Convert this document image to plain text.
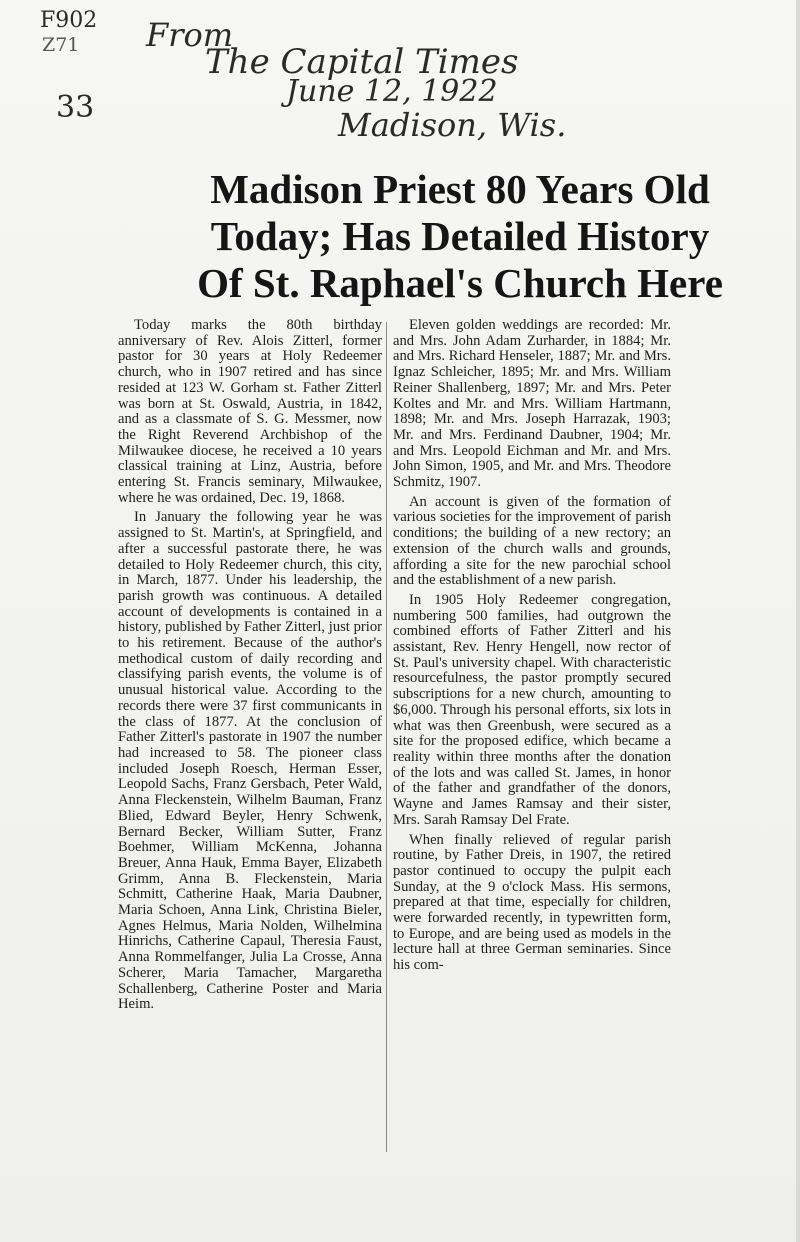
F902
Z71
33
From
The Capital Times
June 12, 1922
Madison, Wis.
Madison Priest 80 Years Old
Today; Has Detailed History
Of St. Raphael's Church Here

Today marks the 80th birthday anniversary of Rev. Alois Zitterl, former pastor for 30 years at Holy Redeemer church, who in 1907 retired and has since resided at 123 W. Gorham st. Father Zitterl was born at St. Oswald, Austria, in 1842, and as a classmate of S. G. Messmer, now the Right Reverend Archbishop of the Milwaukee diocese, he received a 10 years classical training at Linz, Austria, before entering St. Francis seminary, Milwaukee, where he was ordained, Dec. 19, 1868.

In January the following year he was assigned to St. Martin's, at Springfield, and after a successful pastorate there, he was detailed to Holy Redeemer church, this city, in March, 1877. Under his leadership, the parish growth was continuous. A detailed account of developments is contained in a history, published by Father Zitterl, just prior to his retirement. Because of the author's methodical custom of daily recording and classifying parish events, the volume is of unusual historical value. According to the records there were 37 first communicants in the class of 1877. At the conclusion of Father Zitterl's pastorate in 1907 the number had increased to 58. The pioneer class included Joseph Roesch, Herman Esser, Leopold Sachs, Franz Gersbach, Peter Wald, Anna Fleckenstein, Wilhelm Bauman, Franz Blied, Edward Beyler, Henry Schwenk, Bernard Becker, William Sutter, Franz Boehmer, William McKenna, Johanna Breuer, Anna Hauk, Emma Bayer, Elizabeth Grimm, Anna B. Fleckenstein, Maria Schmitt, Catherine Haak, Maria Daubner, Maria Schoen, Anna Link, Christina Bieler, Agnes Helmus, Maria Nolden, Wilhelmina Hinrichs, Catherine Capaul, Theresia Faust, Anna Rommelfanger, Julia La Crosse, Anna Scherer, Maria Tamacher, Margaretha Schallenberg, Catherine Poster and Maria Heim.

Eleven golden weddings are recorded: Mr. and Mrs. John Adam Zurharder, in 1884; Mr. and Mrs. Richard Henseler, 1887; Mr. and Mrs. Ignaz Schleicher, 1895; Mr. and Mrs. William Reiner Shallenberg, 1897; Mr. and Mrs. Peter Koltes and Mr. and Mrs. William Hartmann, 1898; Mr. and Mrs. Joseph Harrazak, 1903; Mr. and Mrs. Ferdinand Daubner, 1904; Mr. and Mrs. Leopold Eichman and Mr. and Mrs. John Simon, 1905, and Mr. and Mrs. Theodore Schmitz, 1907.

An account is given of the formation of various societies for the improvement of parish conditions; the building of a new rectory; an extension of the church walls and grounds, affording a site for the new parochial school and the establishment of a new parish.

In 1905 Holy Redeemer congregation, numbering 500 families, had outgrown the combined efforts of Father Zitterl and his assistant, Rev. Henry Hengell, now rector of St. Paul's university chapel. With characteristic resourcefulness, the pastor promptly secured subscriptions for a new church, amounting to $6,000. Through his personal efforts, six lots in what was then Greenbush, were secured as a site for the proposed edifice, which became a reality within three months after the donation of the lots and was called St. James, in honor of the father and grandfather of the donors, Wayne and James Ramsay and their sister, Mrs. Sarah Ramsay Del Frate.

When finally relieved of regular parish routine, by Father Dreis, in 1907, the retired pastor continued to occupy the pulpit each Sunday, at the 9 o'clock Mass. His sermons, prepared at that time, especially for children, were forwarded recently, in typewritten form, to Europe, and are being used as models in the lecture hall at three German seminaries. Since his com-
